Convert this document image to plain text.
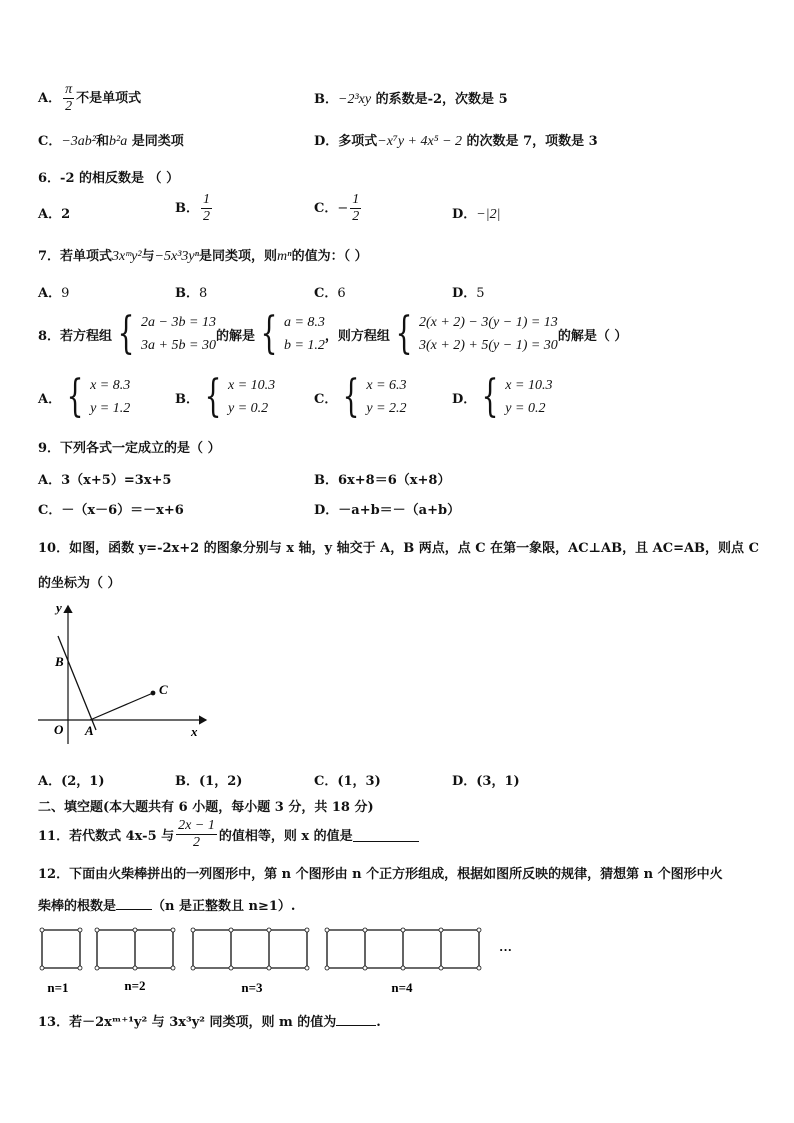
A． $\frac{\pi}{2}$ 不是单项式	B．−2³xy 的系数是-2，次数是 5
C．−3ab²和b²a 是同类项	D．多项式−x⁷y + 4x⁵ − 2 的次数是 7，项数是 3
6．-2 的相反数是 （ ）
A．2	B． $\frac{1}{2}$	C．− $\frac{1}{2}$	D．−|2|
7．若单项式3xᵐy²与−5x³3yⁿ是同类项，则mⁿ的值为：（ ）
A．9	B．8	C．6	D．5
8．若方程组 { 2a − 3b = 13
3a + 5b = 30
的解是 { a = 8.3
b = 1.2
，则方程组 { 2(x + 2) − 3(y − 1) = 13
3(x + 2) + 5(y − 1) = 30
的解是（ ）
A． { x = 8.3
y = 1.2
B． { x = 10.3
y = 0.2
C． { x = 6.3
y = 2.2
D． { x = 10.3
y = 0.2
9．下列各式一定成立的是（ ）
A．3（x+5）=3x+5	B．6x+8＝6（x+8）
C．－（x－6）＝－x+6	D．－a+b＝－（a+b）
10．如图，函数 y=-2x+2 的图象分别与 x 轴，y 轴交于 A，B 两点，点 C 在第一象限，AC⊥AB，且 AC=AB，则点 C
的坐标为（ ）
y
x
O A
B
C
A．(2，1)	B．(1，2)	C．(1，3)	D．(3，1)
二、填空题(本大题共有 6 小题，每小题 3 分，共 18 分)
11．若代数式 4x-5 与 $\frac{2x - 1}{2}$ 的值相等，则 x 的值是
12．下面由火柴棒拼出的一列图形中，第 n 个图形由 n 个正方形组成，根据如图所反映的规律，猜想第 n 个图形中火
柴棒的根数是	（n 是正整数且 n≥1）.
n=1	n=2	n=3	n=4
···
13．若－2xᵐ⁺¹y² 与 3x³y² 同类项，则 m 的值为	.
